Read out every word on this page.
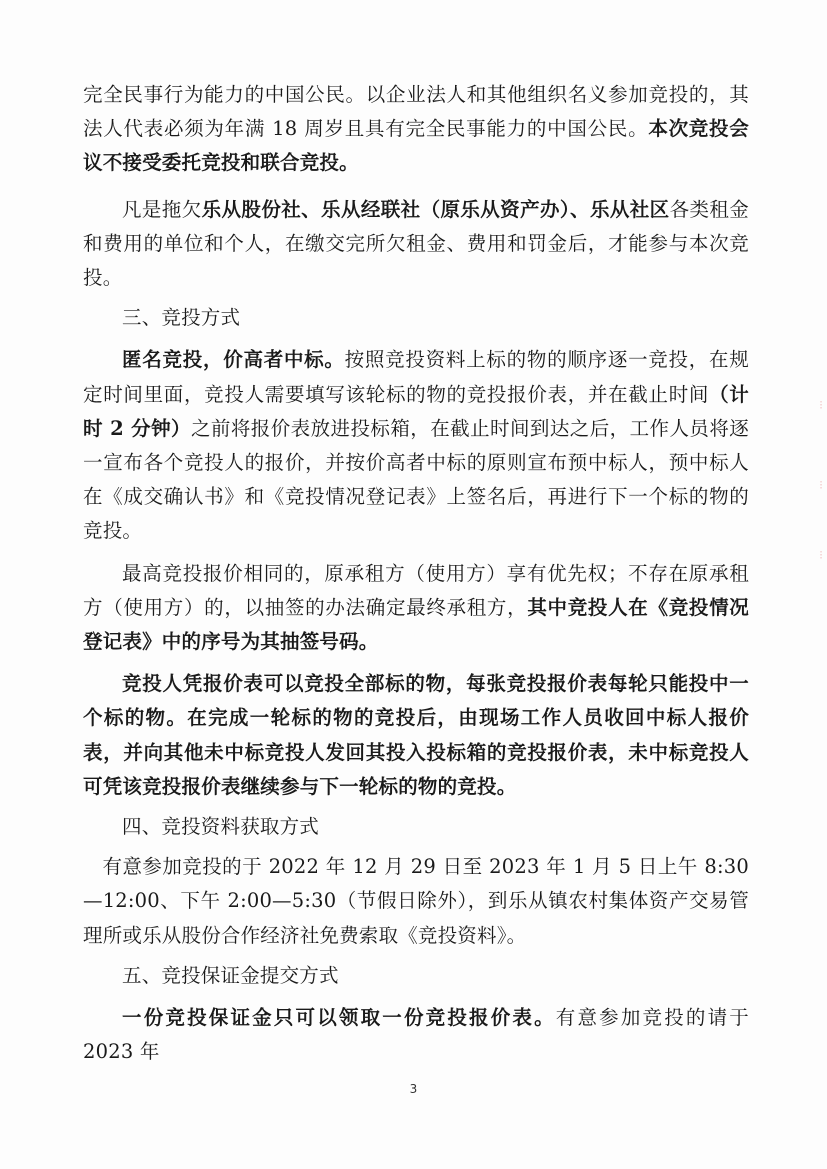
完全民事行为能力的中国公民。以企业法人和其他组织名义参加竞投的，其法人代表必须为年满 18 周岁且具有完全民事能力的中国公民。本次竞投会议不接受委托竞投和联合竞投。

凡是拖欠乐从股份社、乐从经联社（原乐从资产办）、乐从社区各类租金和费用的单位和个人，在缴交完所欠租金、费用和罚金后，才能参与本次竞投。

三、竞投方式

匿名竞投，价高者中标。按照竞投资料上标的物的顺序逐一竞投，在规定时间里面，竞投人需要填写该轮标的物的竞投报价表，并在截止时间（计时 2 分钟）之前将报价表放进投标箱，在截止时间到达之后，工作人员将逐一宣布各个竞投人的报价，并按价高者中标的原则宣布预中标人，预中标人在《成交确认书》和《竞投情况登记表》上签名后，再进行下一个标的物的竞投。

最高竞投报价相同的，原承租方（使用方）享有优先权；不存在原承租方（使用方）的，以抽签的办法确定最终承租方，其中竞投人在《竞投情况登记表》中的序号为其抽签号码。

竞投人凭报价表可以竞投全部标的物，每张竞投报价表每轮只能投中一个标的物。在完成一轮标的物的竞投后，由现场工作人员收回中标人报价表，并向其他未中标竞投人发回其投入投标箱的竞投报价表，未中标竞投人可凭该竞投报价表继续参与下一轮标的物的竞投。

四、竞投资料获取方式

有意参加竞投的于 2022 年 12 月 29 日至 2023 年 1 月 5 日上午 8:30—12:00、下午 2:00—5:30（节假日除外），到乐从镇农村集体资产交易管理所或乐从股份合作经济社免费索取《竞投资料》。

五、竞投保证金提交方式

一份竞投保证金只可以领取一份竞投报价表。有意参加竞投的请于 2023 年

⁝
⁝
⁝
3
